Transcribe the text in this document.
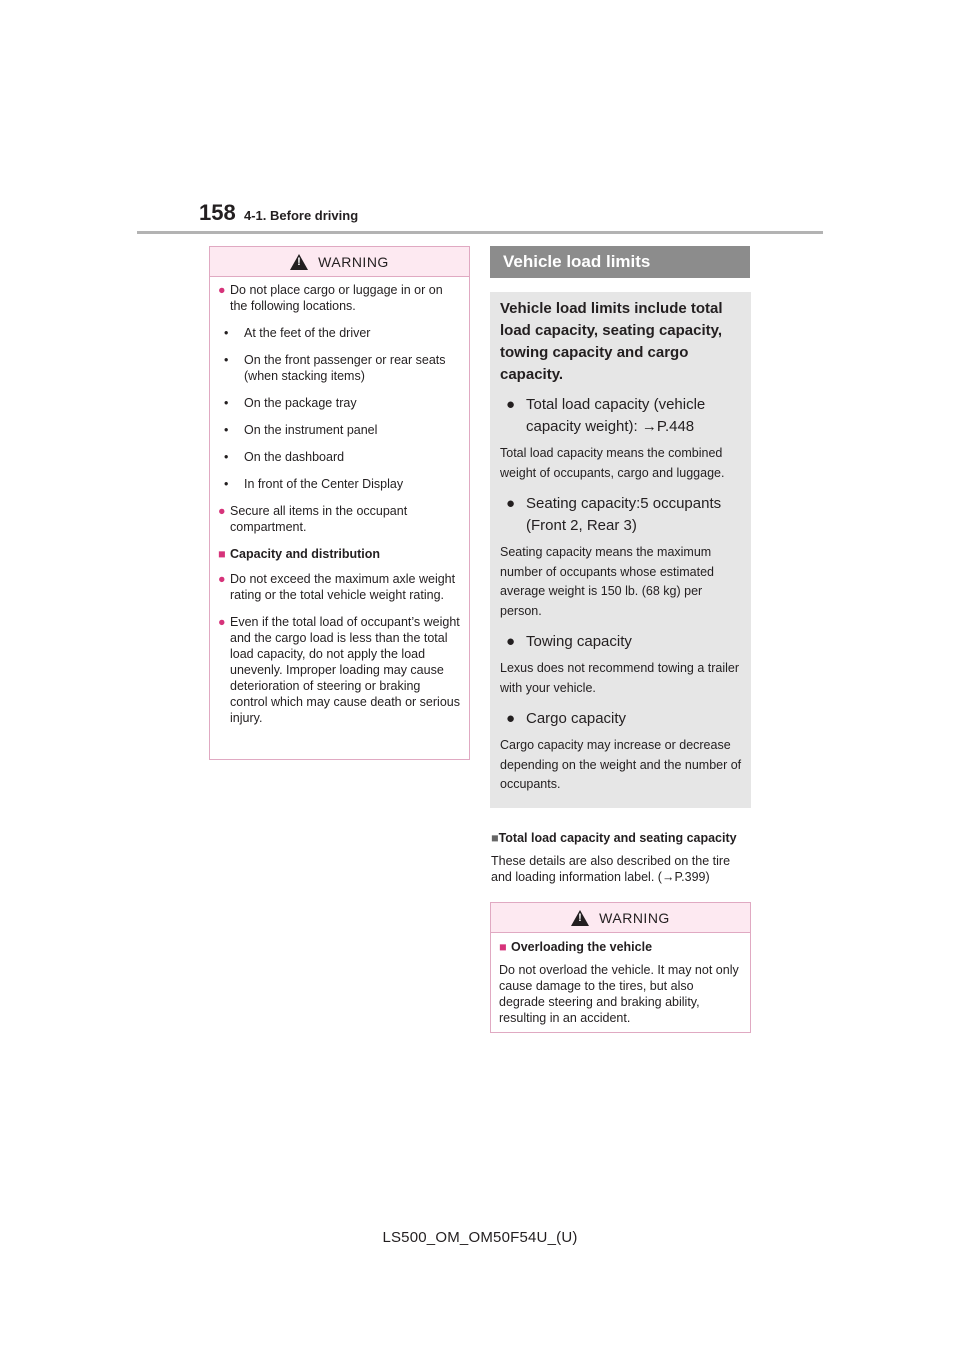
158 4-1. Before driving
! WARNING
● Do not place cargo or luggage in or on the following locations.

•	At the feet of the driver

•	On the front passenger or rear seats (when stacking items)

•	On the package tray

•	On the instrument panel

•	On the dashboard

•	In front of the Center Display

● Secure all items in the occupant compartment.

■ Capacity and distribution
● Do not exceed the maximum axle weight rating or the total vehicle weight rating.

● Even if the total load of occupant’s weight and the cargo load is less than the total load capacity, do not apply the load unevenly. Improper loading may cause deterioration of steering or braking control which may cause death or serious injury.

Vehicle load limits

Vehicle load limits include total load capacity, seating capacity, towing capacity and cargo capacity.

● Total load capacity (vehicle capacity weight): →P.448

Total load capacity means the combined weight of occupants, cargo and luggage.

● Seating capacity:5 occupants (Front 2, Rear 3)

Seating capacity means the maximum number of occupants whose estimated average weight is 150 lb. (68 kg) per person.

● Towing capacity

Lexus does not recommend towing a trailer with your vehicle.

● Cargo capacity

Cargo capacity may increase or decrease depending on the weight and the number of occupants.

■Total load capacity and seating capacity

These details are also described on the tire and loading information label. (→P.399)

! WARNING
■ Overloading the vehicle

Do not overload the vehicle. It may not only cause damage to the tires, but also degrade steering and braking ability, resulting in an accident.

LS500_OM_OM50F54U_(U)
